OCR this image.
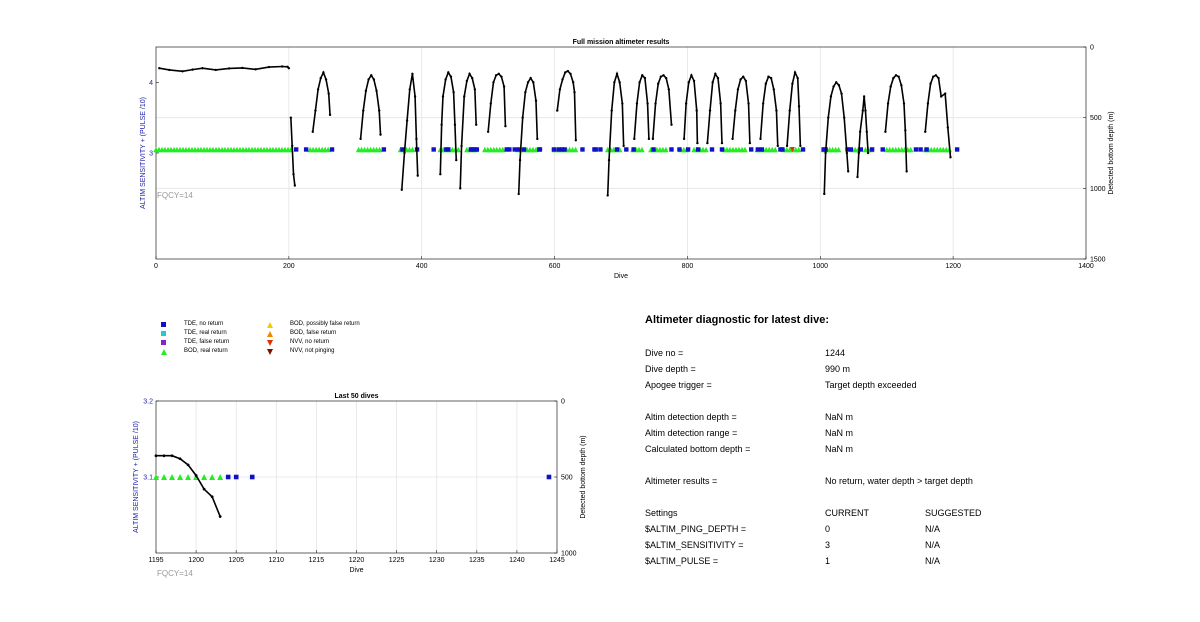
0	200	400	600	800	1000	1200	1400
4
3
0
500
1000
1500
Full mission altimeter results
Dive
ALTIM SENSITIVITY + (PULSE /10)	Detected bottom depth (m)
FQCY=14
1195	1200	1205	1210	1215	1220	1225	1230	1235	1240	1245
3.2
3.1
0
500
1000
Last 50 dives
Dive
ALTIM SENSITIVITY + (PULSE /10)	Detected bottom depth (m)
FQCY=14
TDE, no return
TDE, real return
TDE, false return
BOD, real return
BOD, possibly false return
BOD, false return
NVV, no return
NVV, not pinging
Altimeter diagnostic for latest dive:
Dive no =	1244
Dive depth =	990 m
Apogee trigger =	Target depth exceeded
Altim detection depth =	NaN m
Altim detection range =	NaN m
Calculated bottom depth =	NaN m
Altimeter results =	No return, water depth > target depth
Settings	CURRENT	SUGGESTED
$ALTIM_PING_DEPTH =	0	N/A
$ALTIM_SENSITIVITY =	3	N/A
$ALTIM_PULSE =	1	N/A
